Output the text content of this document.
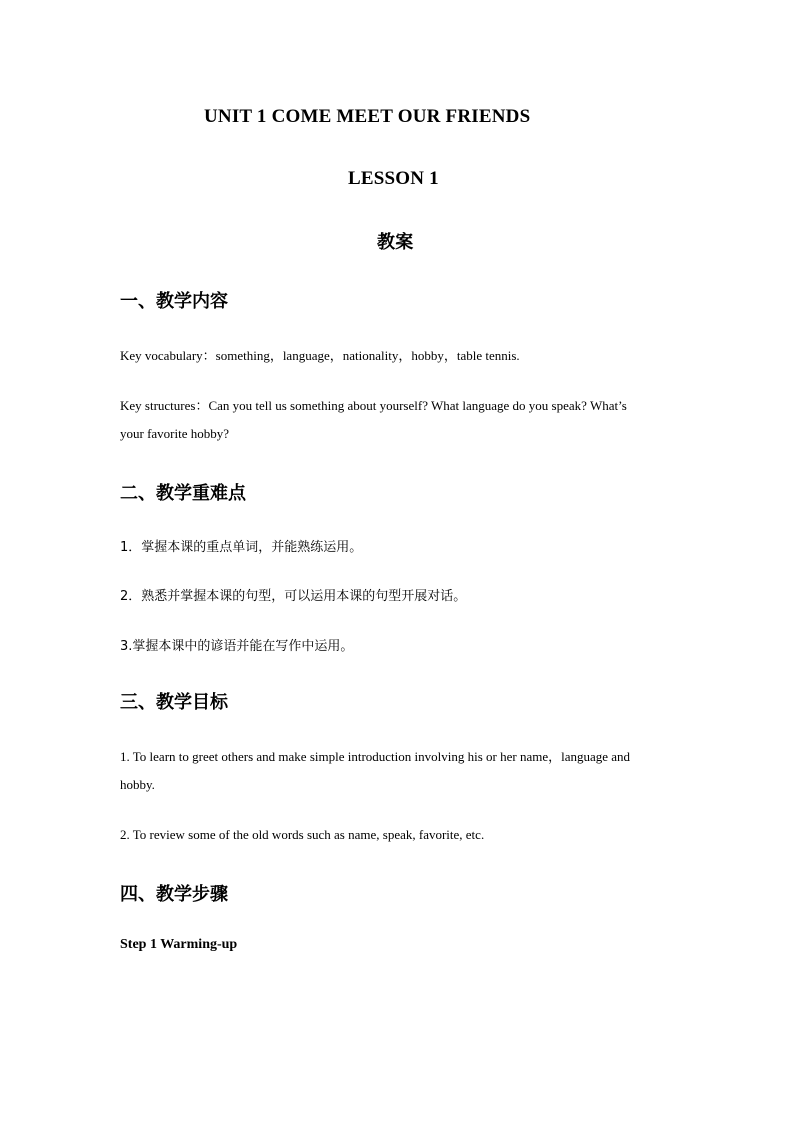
UNIT 1 COME MEET OUR FRIENDS
LESSON 1
教案
一、教学内容
Key vocabulary：something，language，nationality，hobby，table tennis.
Key structures：Can you tell us something about yourself? What language do you speak? What’s
your favorite hobby?
二、教学重难点
1．掌握本课的重点单词，并能熟练运用。
2．熟悉并掌握本课的句型，可以运用本课的句型开展对话。
3.掌握本课中的谚语并能在写作中运用。
三、教学目标
1. To learn to greet others and make simple introduction involving his or her name，language and
hobby.
2. To review some of the old words such as name, speak, favorite, etc.
四、教学步骤
Step 1 Warming-up
